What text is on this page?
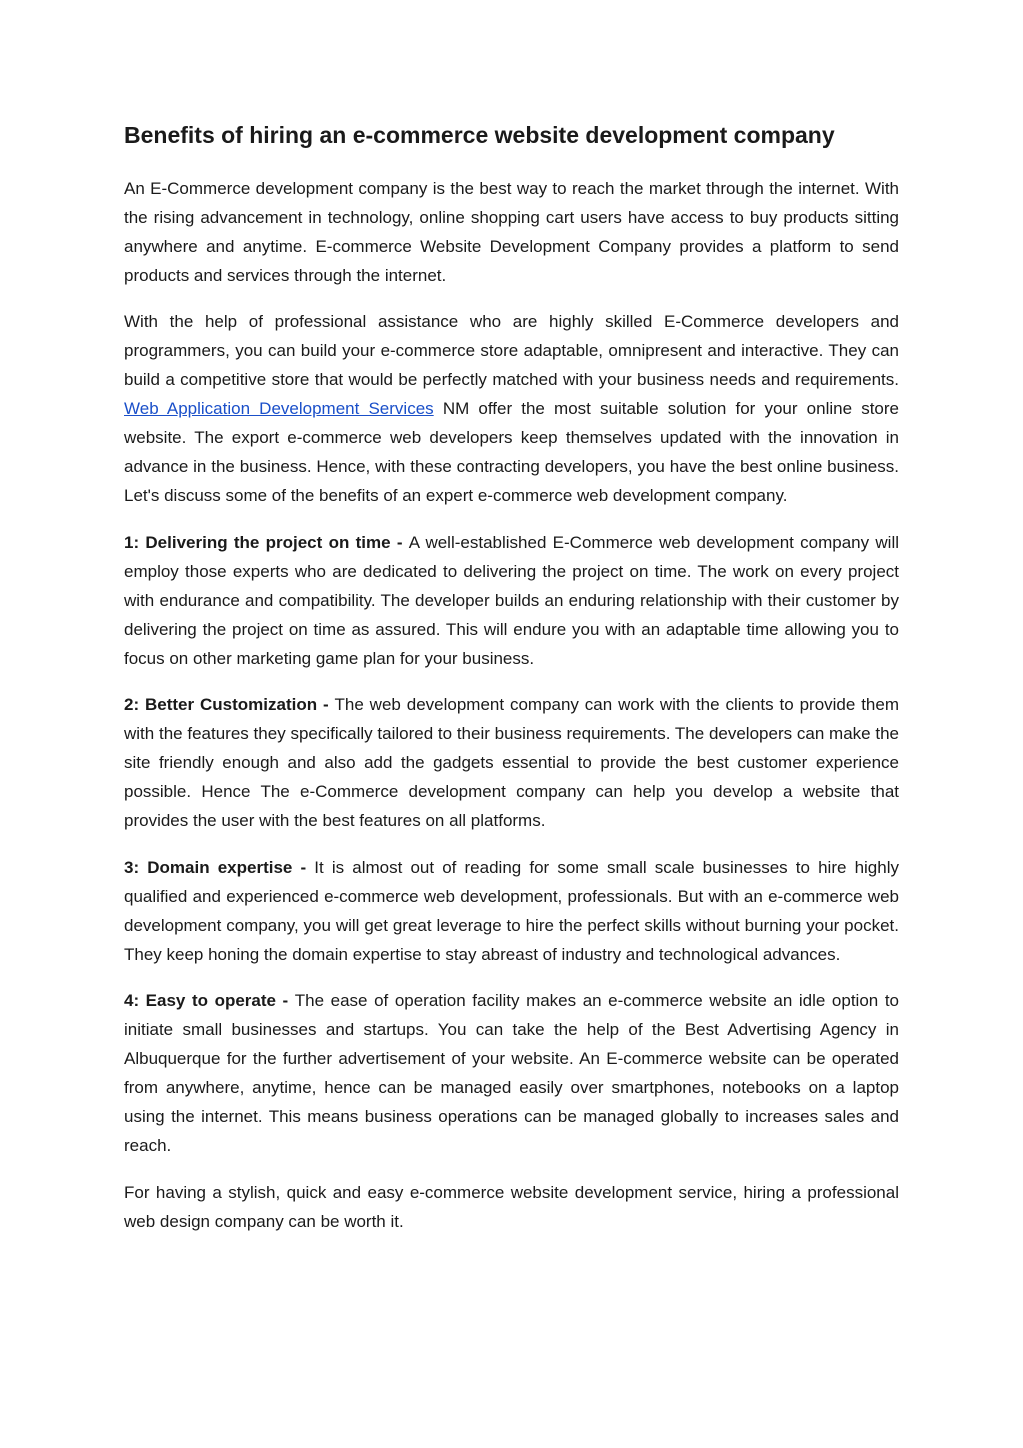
Benefits of hiring an e-commerce website development company

An E-Commerce development company is the best way to reach the market through the internet. With the rising advancement in technology, online shopping cart users have access to buy products sitting anywhere and anytime. E-commerce Website Development Company provides a platform to send products and services through the internet.

With the help of professional assistance who are highly skilled E-Commerce developers and programmers, you can build your e-commerce store adaptable, omnipresent and interactive. They can build a competitive store that would be perfectly matched with your business needs and requirements. Web Application Development Services NM offer the most suitable solution for your online store website. The export e-commerce web developers keep themselves updated with the innovation in advance in the business. Hence, with these contracting developers, you have the best online business. Let's discuss some of the benefits of an expert e-commerce web development company.

1: Delivering the project on time - A well-established E-Commerce web development company will employ those experts who are dedicated to delivering the project on time. The work on every project with endurance and compatibility. The developer builds an enduring relationship with their customer by delivering the project on time as assured. This will endure you with an adaptable time allowing you to focus on other marketing game plan for your business.

2: Better Customization - The web development company can work with the clients to provide them with the features they specifically tailored to their business requirements. The developers can make the site friendly enough and also add the gadgets essential to provide the best customer experience possible. Hence The e-Commerce development company can help you develop a website that provides the user with the best features on all platforms.

3: Domain expertise - It is almost out of reading for some small scale businesses to hire highly qualified and experienced e-commerce web development, professionals. But with an e-commerce web development company, you will get great leverage to hire the perfect skills without burning your pocket. They keep honing the domain expertise to stay abreast of industry and technological advances.

4: Easy to operate - The ease of operation facility makes an e-commerce website an idle option to initiate small businesses and startups. You can take the help of the Best Advertising Agency in Albuquerque for the further advertisement of your website. An E-commerce website can be operated from anywhere, anytime, hence can be managed easily over smartphones, notebooks on a laptop using the internet. This means business operations can be managed globally to increases sales and reach.

For having a stylish, quick and easy e-commerce website development service, hiring a professional web design company can be worth it.
